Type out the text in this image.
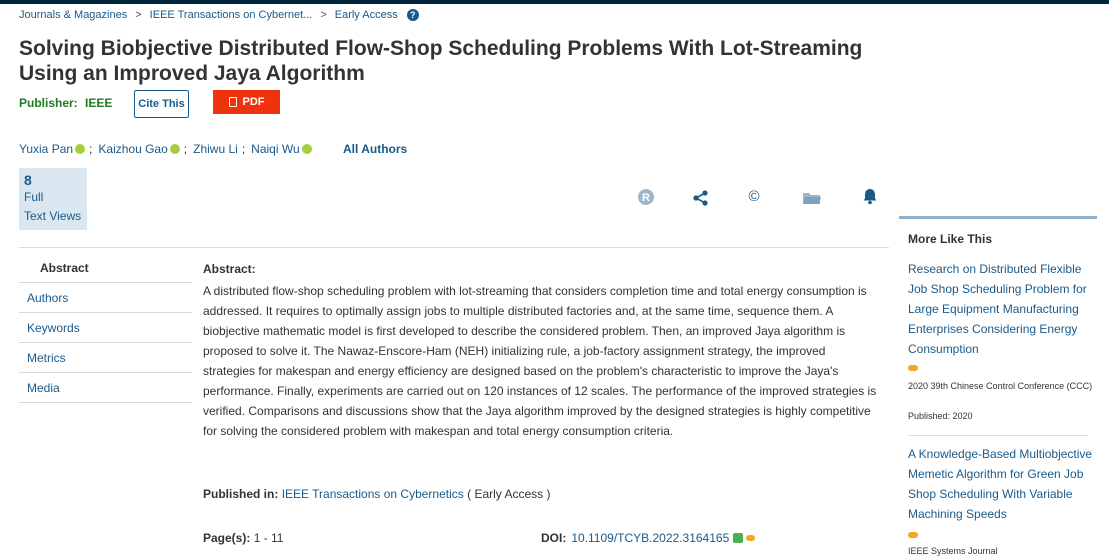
Journals & Magazines > IEEE Transactions on Cybernet... > Early Access	?
Solving Biobjective Distributed Flow-Shop Scheduling Problems With Lot-Streaming Using an Improved Jaya Algorithm
Publisher: IEEE	Cite This	PDF
Yuxia Pan ; Kaizhou Gao ; Zhiwu Li ; Naiqi Wu	All Authors
8
Full
Text Views
R	©
Abstract
Authors
Keywords
Metrics
Media
Abstract:
A distributed flow-shop scheduling problem with lot-streaming that considers completion time and total energy consumption is addressed. It requires to optimally assign jobs to multiple distributed factories and, at the same time, sequence them. A biobjective mathematic model is first developed to describe the considered problem. Then, an improved Jaya algorithm is proposed to solve it. The Nawaz-Enscore-Ham (NEH) initializing rule, a job-factory assignment strategy, the improved strategies for makespan and energy efficiency are designed based on the problem's characteristic to improve the Jaya's performance. Finally, experiments are carried out on 120 instances of 12 scales. The performance of the improved strategies is verified. Comparisons and discussions show that the Jaya algorithm improved by the designed strategies is highly competitive for solving the considered problem with makespan and total energy consumption criteria.
Published in: IEEE Transactions on Cybernetics ( Early Access )
Page(s): 1 - 11	DOI: 10.1109/TCYB.2022.3164165
More Like This
Research on Distributed Flexible Job Shop Scheduling Problem for Large Equipment Manufacturing Enterprises Considering Energy Consumption
2020 39th Chinese Control Conference (CCC)
Published: 2020
A Knowledge-Based Multiobjective Memetic Algorithm for Green Job Shop Scheduling With Variable Machining Speeds
IEEE Systems Journal
